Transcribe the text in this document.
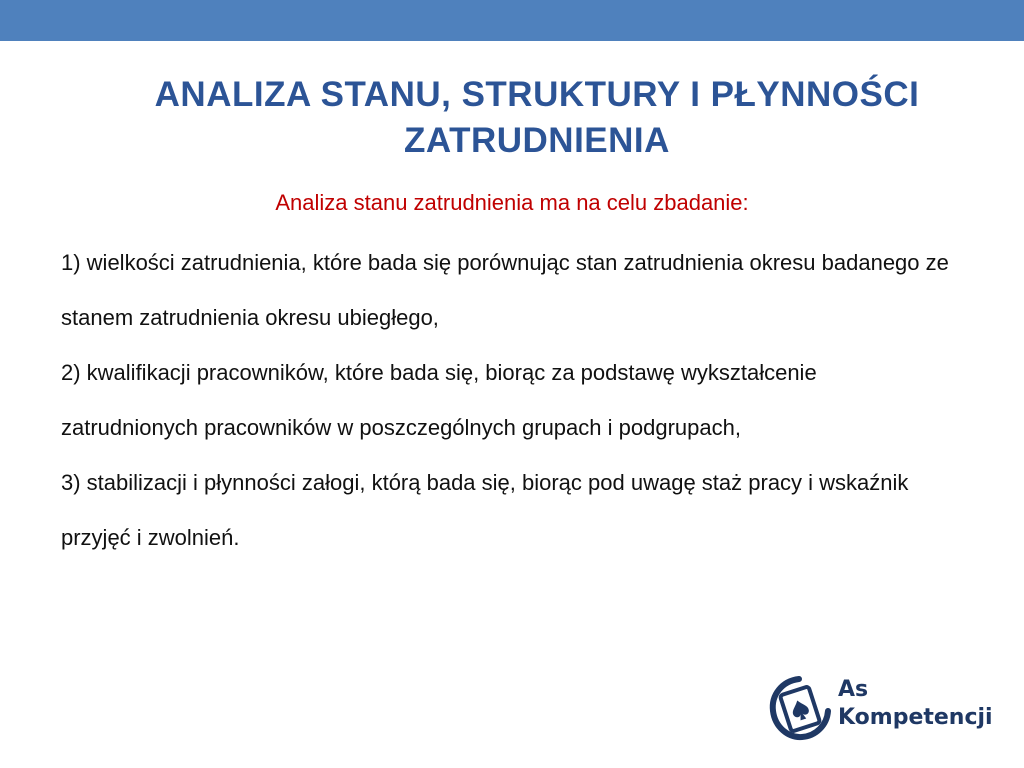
ANALIZA STANU, STRUKTURY I PŁYNNOŚCI ZATRUDNIENIA
Analiza stanu zatrudnienia ma na celu zbadanie:

1) wielkości zatrudnienia, które bada się porównując stan zatrudnienia okresu badanego ze

stanem zatrudnienia okresu ubiegłego,

2) kwalifikacji pracowników, które bada się, biorąc za podstawę wykształcenie

zatrudnionych pracowników w poszczególnych grupach i podgrupach,

3) stabilizacji i płynności załogi, którą bada się, biorąc pod uwagę staż pracy i wskaźnik

przyjęć i zwolnień.

As
Kompetencji
